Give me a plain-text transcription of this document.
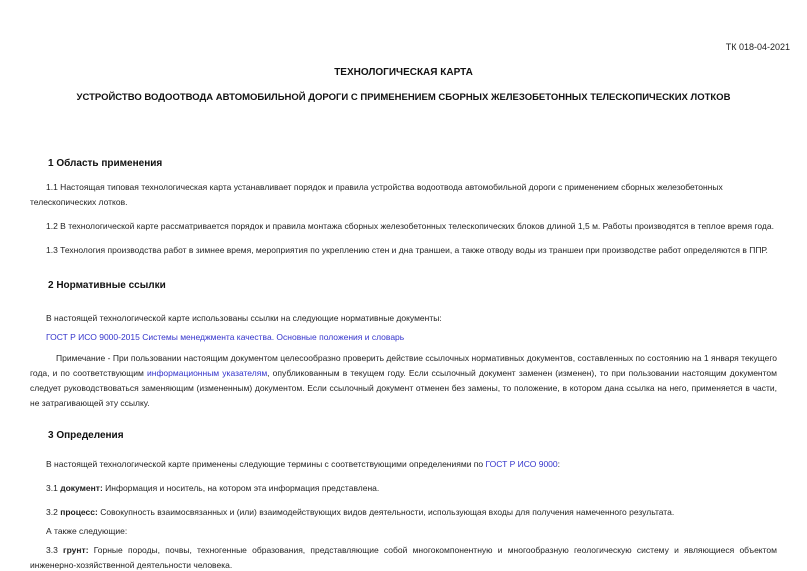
ТК 018-04-2021
ТЕХНОЛОГИЧЕСКАЯ КАРТА
УСТРОЙСТВО ВОДООТВОДА АВТОМОБИЛЬНОЙ ДОРОГИ С ПРИМЕНЕНИЕМ СБОРНЫХ ЖЕЛЕЗОБЕТОННЫХ ТЕЛЕСКОПИЧЕСКИХ ЛОТКОВ
1 Область применения

1.1 Настоящая типовая технологическая карта устанавливает порядок и правила устройства водоотвода автомобильной дороги с применением сборных железобетонных телескопических лотков.

1.2 В технологической карте рассматривается порядок и правила монтажа сборных железобетонных телескопических блоков длиной 1,5 м. Работы производятся в теплое время года.

1.3 Технология производства работ в зимнее время, мероприятия по укреплению стен и дна траншеи, а также отводу воды из траншеи при производстве работ определяются в ППР.

2 Нормативные ссылки

В настоящей технологической карте использованы ссылки на следующие нормативные документы:

ГОСТ Р ИСО 9000-2015 Системы менеджмента качества. Основные положения и словарь

Примечание - При пользовании настоящим документом целесообразно проверить действие ссылочных нормативных документов, составленных по состоянию на 1 января текущего года, и по соответствующим информационным указателям, опубликованным в текущем году. Если ссылочный документ заменен (изменен), то при пользовании настоящим документом следует руководствоваться заменяющим (измененным) документом. Если ссылочный документ отменен без замены, то положение, в котором дана ссылка на него, применяется в части, не затрагивающей эту ссылку.

3 Определения

В настоящей технологической карте применены следующие термины с соответствующими определениями по ГОСТ Р ИСО 9000:

3.1 документ: Информация и носитель, на котором эта информация представлена.

3.2 процесс: Совокупность взаимосвязанных и (или) взаимодействующих видов деятельности, использующая входы для получения намеченного результата.

А также следующие:

3.3 грунт: Горные породы, почвы, техногенные образования, представляющие собой многокомпонентную и многообразную геологическую систему и являющиеся объектом инженерно-хозяйственной деятельности человека.
